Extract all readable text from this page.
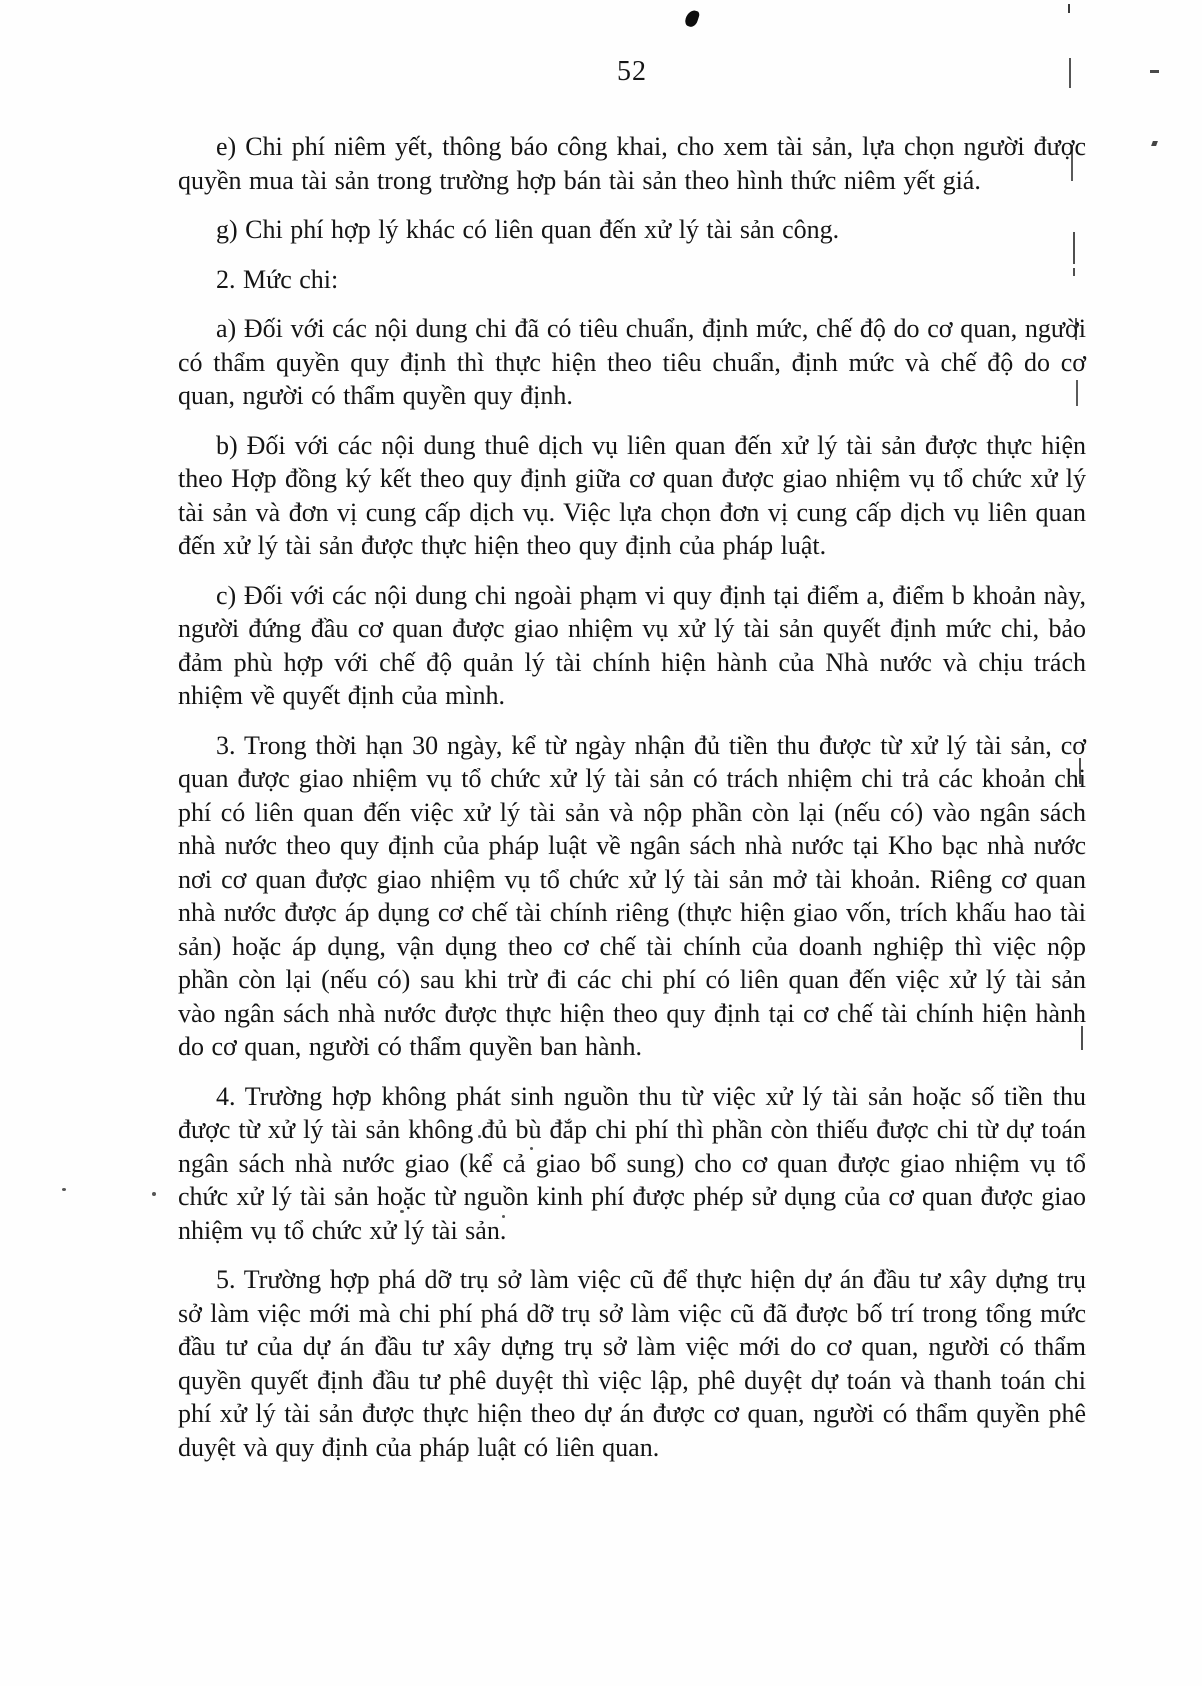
52

e) Chi phí niêm yết, thông báo công khai, cho xem tài sản, lựa chọn người được quyền mua tài sản trong trường hợp bán tài sản theo hình thức niêm yết giá.

g) Chi phí hợp lý khác có liên quan đến xử lý tài sản công.

2. Mức chi:

a) Đối với các nội dung chi đã có tiêu chuẩn, định mức, chế độ do cơ quan, người có thẩm quyền quy định thì thực hiện theo tiêu chuẩn, định mức và chế độ do cơ quan, người có thẩm quyền quy định.

b) Đối với các nội dung thuê dịch vụ liên quan đến xử lý tài sản được thực hiện theo Hợp đồng ký kết theo quy định giữa cơ quan được giao nhiệm vụ tổ chức xử lý tài sản và đơn vị cung cấp dịch vụ. Việc lựa chọn đơn vị cung cấp dịch vụ liên quan đến xử lý tài sản được thực hiện theo quy định của pháp luật.

c) Đối với các nội dung chi ngoài phạm vi quy định tại điểm a, điểm b khoản này, người đứng đầu cơ quan được giao nhiệm vụ xử lý tài sản quyết định mức chi, bảo đảm phù hợp với chế độ quản lý tài chính hiện hành của Nhà nước và chịu trách nhiệm về quyết định của mình.

3. Trong thời hạn 30 ngày, kể từ ngày nhận đủ tiền thu được từ xử lý tài sản, cơ quan được giao nhiệm vụ tổ chức xử lý tài sản có trách nhiệm chi trả các khoản chi phí có liên quan đến việc xử lý tài sản và nộp phần còn lại (nếu có) vào ngân sách nhà nước theo quy định của pháp luật về ngân sách nhà nước tại Kho bạc nhà nước nơi cơ quan được giao nhiệm vụ tổ chức xử lý tài sản mở tài khoản. Riêng cơ quan nhà nước được áp dụng cơ chế tài chính riêng (thực hiện giao vốn, trích khấu hao tài sản) hoặc áp dụng, vận dụng theo cơ chế tài chính của doanh nghiệp thì việc nộp phần còn lại (nếu có) sau khi trừ đi các chi phí có liên quan đến việc xử lý tài sản vào ngân sách nhà nước được thực hiện theo quy định tại cơ chế tài chính hiện hành do cơ quan, người có thẩm quyền ban hành.

4. Trường hợp không phát sinh nguồn thu từ việc xử lý tài sản hoặc số tiền thu được từ xử lý tài sản không đủ bù đắp chi phí thì phần còn thiếu được chi từ dự toán ngân sách nhà nước giao (kể cả giao bổ sung) cho cơ quan được giao nhiệm vụ tổ chức xử lý tài sản hoặc từ nguồn kinh phí được phép sử dụng của cơ quan được giao nhiệm vụ tổ chức xử lý tài sản.

5. Trường hợp phá dỡ trụ sở làm việc cũ để thực hiện dự án đầu tư xây dựng trụ sở làm việc mới mà chi phí phá dỡ trụ sở làm việc cũ đã được bố trí trong tổng mức đầu tư của dự án đầu tư xây dựng trụ sở làm việc mới do cơ quan, người có thẩm quyền quyết định đầu tư phê duyệt thì việc lập, phê duyệt dự toán và thanh toán chi phí xử lý tài sản được thực hiện theo dự án được cơ quan, người có thẩm quyền phê duyệt và quy định của pháp luật có liên quan.
